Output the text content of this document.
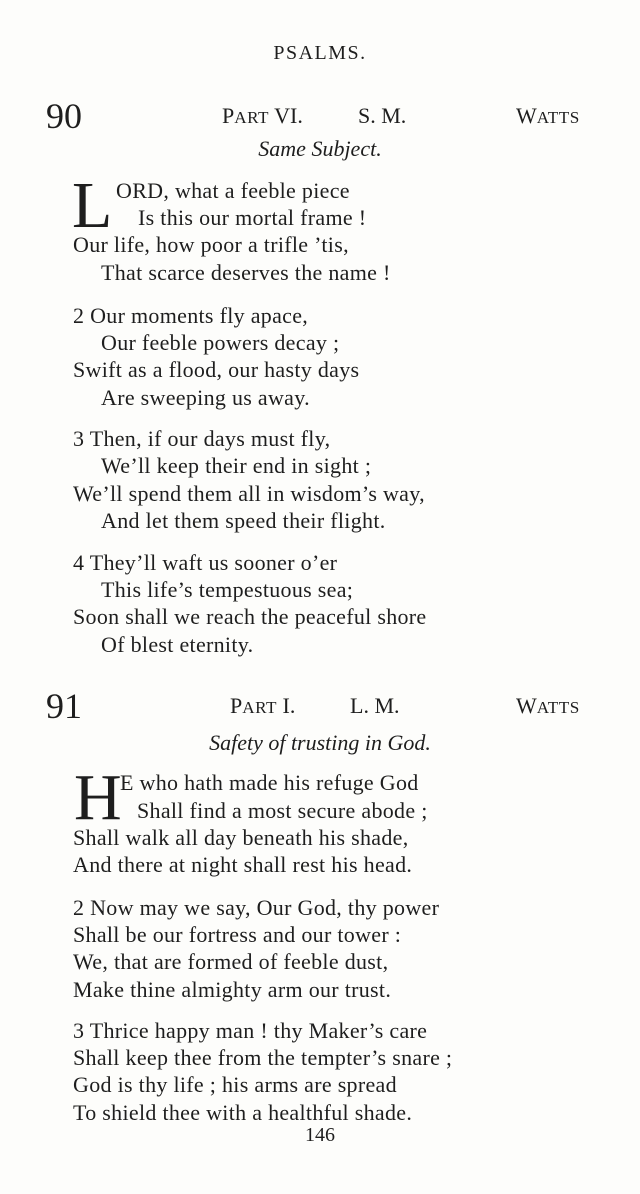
PSALMS.
90	PART VI.	S. M.	WATTS
Same Subject.
L ORD, what a feeble piece
Is this our mortal frame !
Our life, how poor a trifle ’tis,
That scarce deserves the name !
2 Our moments fly apace,
Our feeble powers decay ;
Swift as a flood, our hasty days
Are sweeping us away.
3 Then, if our days must fly,
We’ll keep their end in sight ;
We’ll spend them all in wisdom’s way,
And let them speed their flight.
4 They’ll waft us sooner o’er
This life’s tempestuous sea;
Soon shall we reach the peaceful shore
Of blest eternity.
91	PART I. L. M.	WATTS
Safety of trusting in God.
H
E who hath made his refuge God
Shall find a most secure abode ;
Shall walk all day beneath his shade,
And there at night shall rest his head.
2 Now may we say, Our God, thy power
Shall be our fortress and our tower :
We, that are formed of feeble dust,
Make thine almighty arm our trust.
3 Thrice happy man ! thy Maker’s care
Shall keep thee from the tempter’s snare ;
God is thy life ; his arms are spread
To shield thee with a healthful shade.
146
